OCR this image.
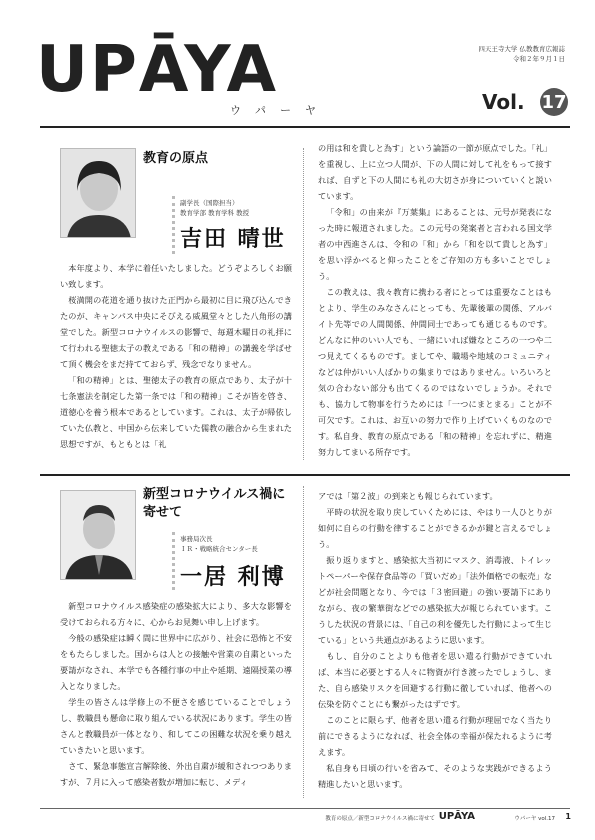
UPĀYA
ウパーヤ
四天王寺大学 仏教教育広報誌
令和２年９月１日
Vol. 17
教育の原点
副学長（国際担当）
教育学部 教育学科 教授
吉田 晴世

本年度より、本学に着任いたしました。どうぞよろしくお願い致します。

桜満開の花道を通り抜けた正門から最初に目に飛び込んできたのが、キャンパス中央にそびえる威風堂々とした八角形の講堂でした。新型コロナウイルスの影響で、毎週木曜日の礼拝にて行われる聖徳太子の教えである「和の精神」の講義を学ばせて頂く機会をまだ持てておらず、残念でなりません。

「和の精神」とは、聖徳太子の教育の原点であり、太子が十七条憲法を制定した第一条では「和の精神」こそが皆を啓き、道徳心を養う根本であるとしています。これは、太子が帰依していた仏教と、中国から伝来していた儒教の融合から生まれた思想ですが、もともとは「礼

の用は和を貴しと為す」という論語の一節が原点でした。「礼」を重視し、上に立つ人間が、下の人間に対して礼をもって接すれば、自ずと下の人間にも礼の大切さが身についていくと説いています。

「令和」の由来が『万葉集』にあることは、元号が発表になった時に報道されました。この元号の発案者と言われる国文学者の中西進さんは、令和の「和」から「和を以て貴しと為す」を思い浮かべると仰ったことをご存知の方も多いことでしょう。

この教えは、我々教育に携わる者にとっては重要なことはもとより、学生のみなさんにとっても、先輩後輩の関係、アルバイト先等での人間関係、仲間同士であっても通じるものです。どんなに仲のいい人でも、一緒にいれば嫌なところの一つや二つ見えてくるものです。ましてや、職場や地域のコミュニティなどは仲がいい人ばかりの集まりではありません。いろいろと気の合わない部分も出てくるのではないでしょうか。それでも、協力して物事を行うためには「一つにまとまる」ことが不可欠です。これは、お互いの努力で作り上げていくものなのです。私自身、教育の原点である「和の精神」を忘れずに、精進努力してまいる所存です。

新型コロナウイルス禍に
寄せて
事務局次長
ＩＲ・戦略統合センター長
一居 利博

新型コロナウイルス感染症の感染拡大により、多大な影響を受けておられる方々に、心からお見舞い申し上げます。

今般の感染症は瞬く間に世界中に広がり、社会に恐怖と不安をもたらしました。国からは人との接触や営業の自粛といった要請がなされ、本学でも各種行事の中止や延期、遠隔授業の導入となりました。

学生の皆さんは学修上の不便さを感じていることでしょうし、教職員も懸命に取り組んでいる状況にあります。学生の皆さんと教職員が一体となり、和してこの困難な状況を乗り越えていきたいと思います。

さて、緊急事態宣言解除後、外出自粛が緩和されつつありますが、７月に入って感染者数が増加に転じ、メディ

アでは「第２波」の到来とも報じられています。

平時の状況を取り戻していくためには、やはり一人ひとりが如何に自らの行動を律することができるかが鍵と言えるでしょう。

振り返りますと、感染拡大当初にマスク、消毒液、トイレットペーパーや保存食品等の「買いだめ」「法外価格での転売」などが社会問題となり、今では「３密回避」の強い要請下にありながら、夜の繁華街などでの感染拡大が報じられています。こうした状況の背景には、「自己の利を優先した行動によって生じている」という共通点があるように思います。

もし、自分のことよりも他者を思い遣る行動ができていれば、本当に必要とする人々に物資が行き渡ったでしょうし、また、自ら感染リスクを回避する行動に徹していれば、他者への伝染を防ぐことにも繋がったはずです。

このことに限らず、他者を思い遣る行動が理屈でなく当たり前にできるようになれば、社会全体の幸福が保たれるように考えます。

私自身も日頃の行いを省みて、そのような実践ができるよう精進したいと思います。

教育の原点／新型コロナウイルス禍に寄せて UPĀYA	ウパーヤ vol.17 1
